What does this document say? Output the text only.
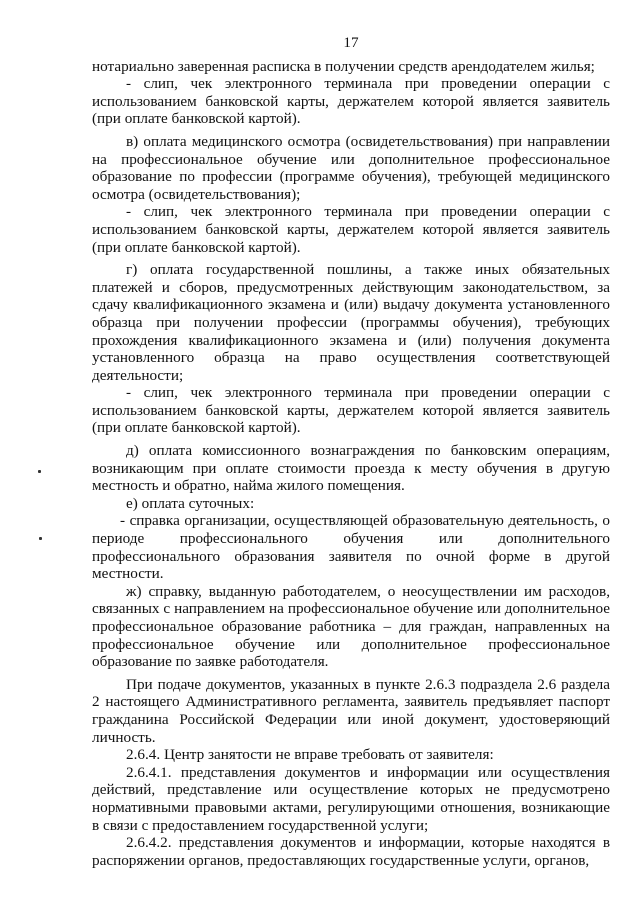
17

нотариально заверенная расписка в получении средств арендодателем жилья;

- слип, чек электронного терминала при проведении операции с использованием банковской карты, держателем которой является заявитель (при оплате банковской картой).

в) оплата медицинского осмотра (освидетельствования) при направлении на профессиональное обучение или дополнительное профессиональное образование по профессии (программе обучения), требующей медицинского осмотра (освидетельствования);

- слип, чек электронного терминала при проведении операции с использованием банковской карты, держателем которой является заявитель (при оплате банковской картой).

г) оплата государственной пошлины, а также иных обязательных платежей и сборов, предусмотренных действующим законодательством, за сдачу квалификационного экзамена и (или) выдачу документа установленного образца при получении профессии (программы обучения), требующих прохождения квалификационного экзамена и (или) получения документа установленного образца на право осуществления соответствующей деятельности;

- слип, чек электронного терминала при проведении операции с использованием банковской карты, держателем которой является заявитель (при оплате банковской картой).

д) оплата комиссионного вознаграждения по банковским операциям, возникающим при оплате стоимости проезда к месту обучения в другую местность и обратно, найма жилого помещения.

е) оплата суточных:

- справка организации, осуществляющей образовательную деятельность, о периоде профессионального обучения или дополнительного профессионального образования заявителя по очной форме в другой местности.

ж) справку, выданную работодателем, о неосуществлении им расходов, связанных с направлением на профессиональное обучение или дополнительное профессиональное образование работника – для граждан, направленных на профессиональное обучение или дополнительное профессиональное образование по заявке работодателя.

При подаче документов, указанных в пункте 2.6.3 подраздела 2.6 раздела 2 настоящего Административного регламента, заявитель предъявляет паспорт гражданина Российской Федерации или иной документ, удостоверяющий личность.

2.6.4. Центр занятости не вправе требовать от заявителя:

2.6.4.1. представления документов и информации или осуществления действий, представление или осуществление которых не предусмотрено нормативными правовыми актами, регулирующими отношения, возникающие в связи с предоставлением государственной услуги;

2.6.4.2. представления документов и информации, которые находятся в распоряжении органов, предоставляющих государственные услуги, органов,
